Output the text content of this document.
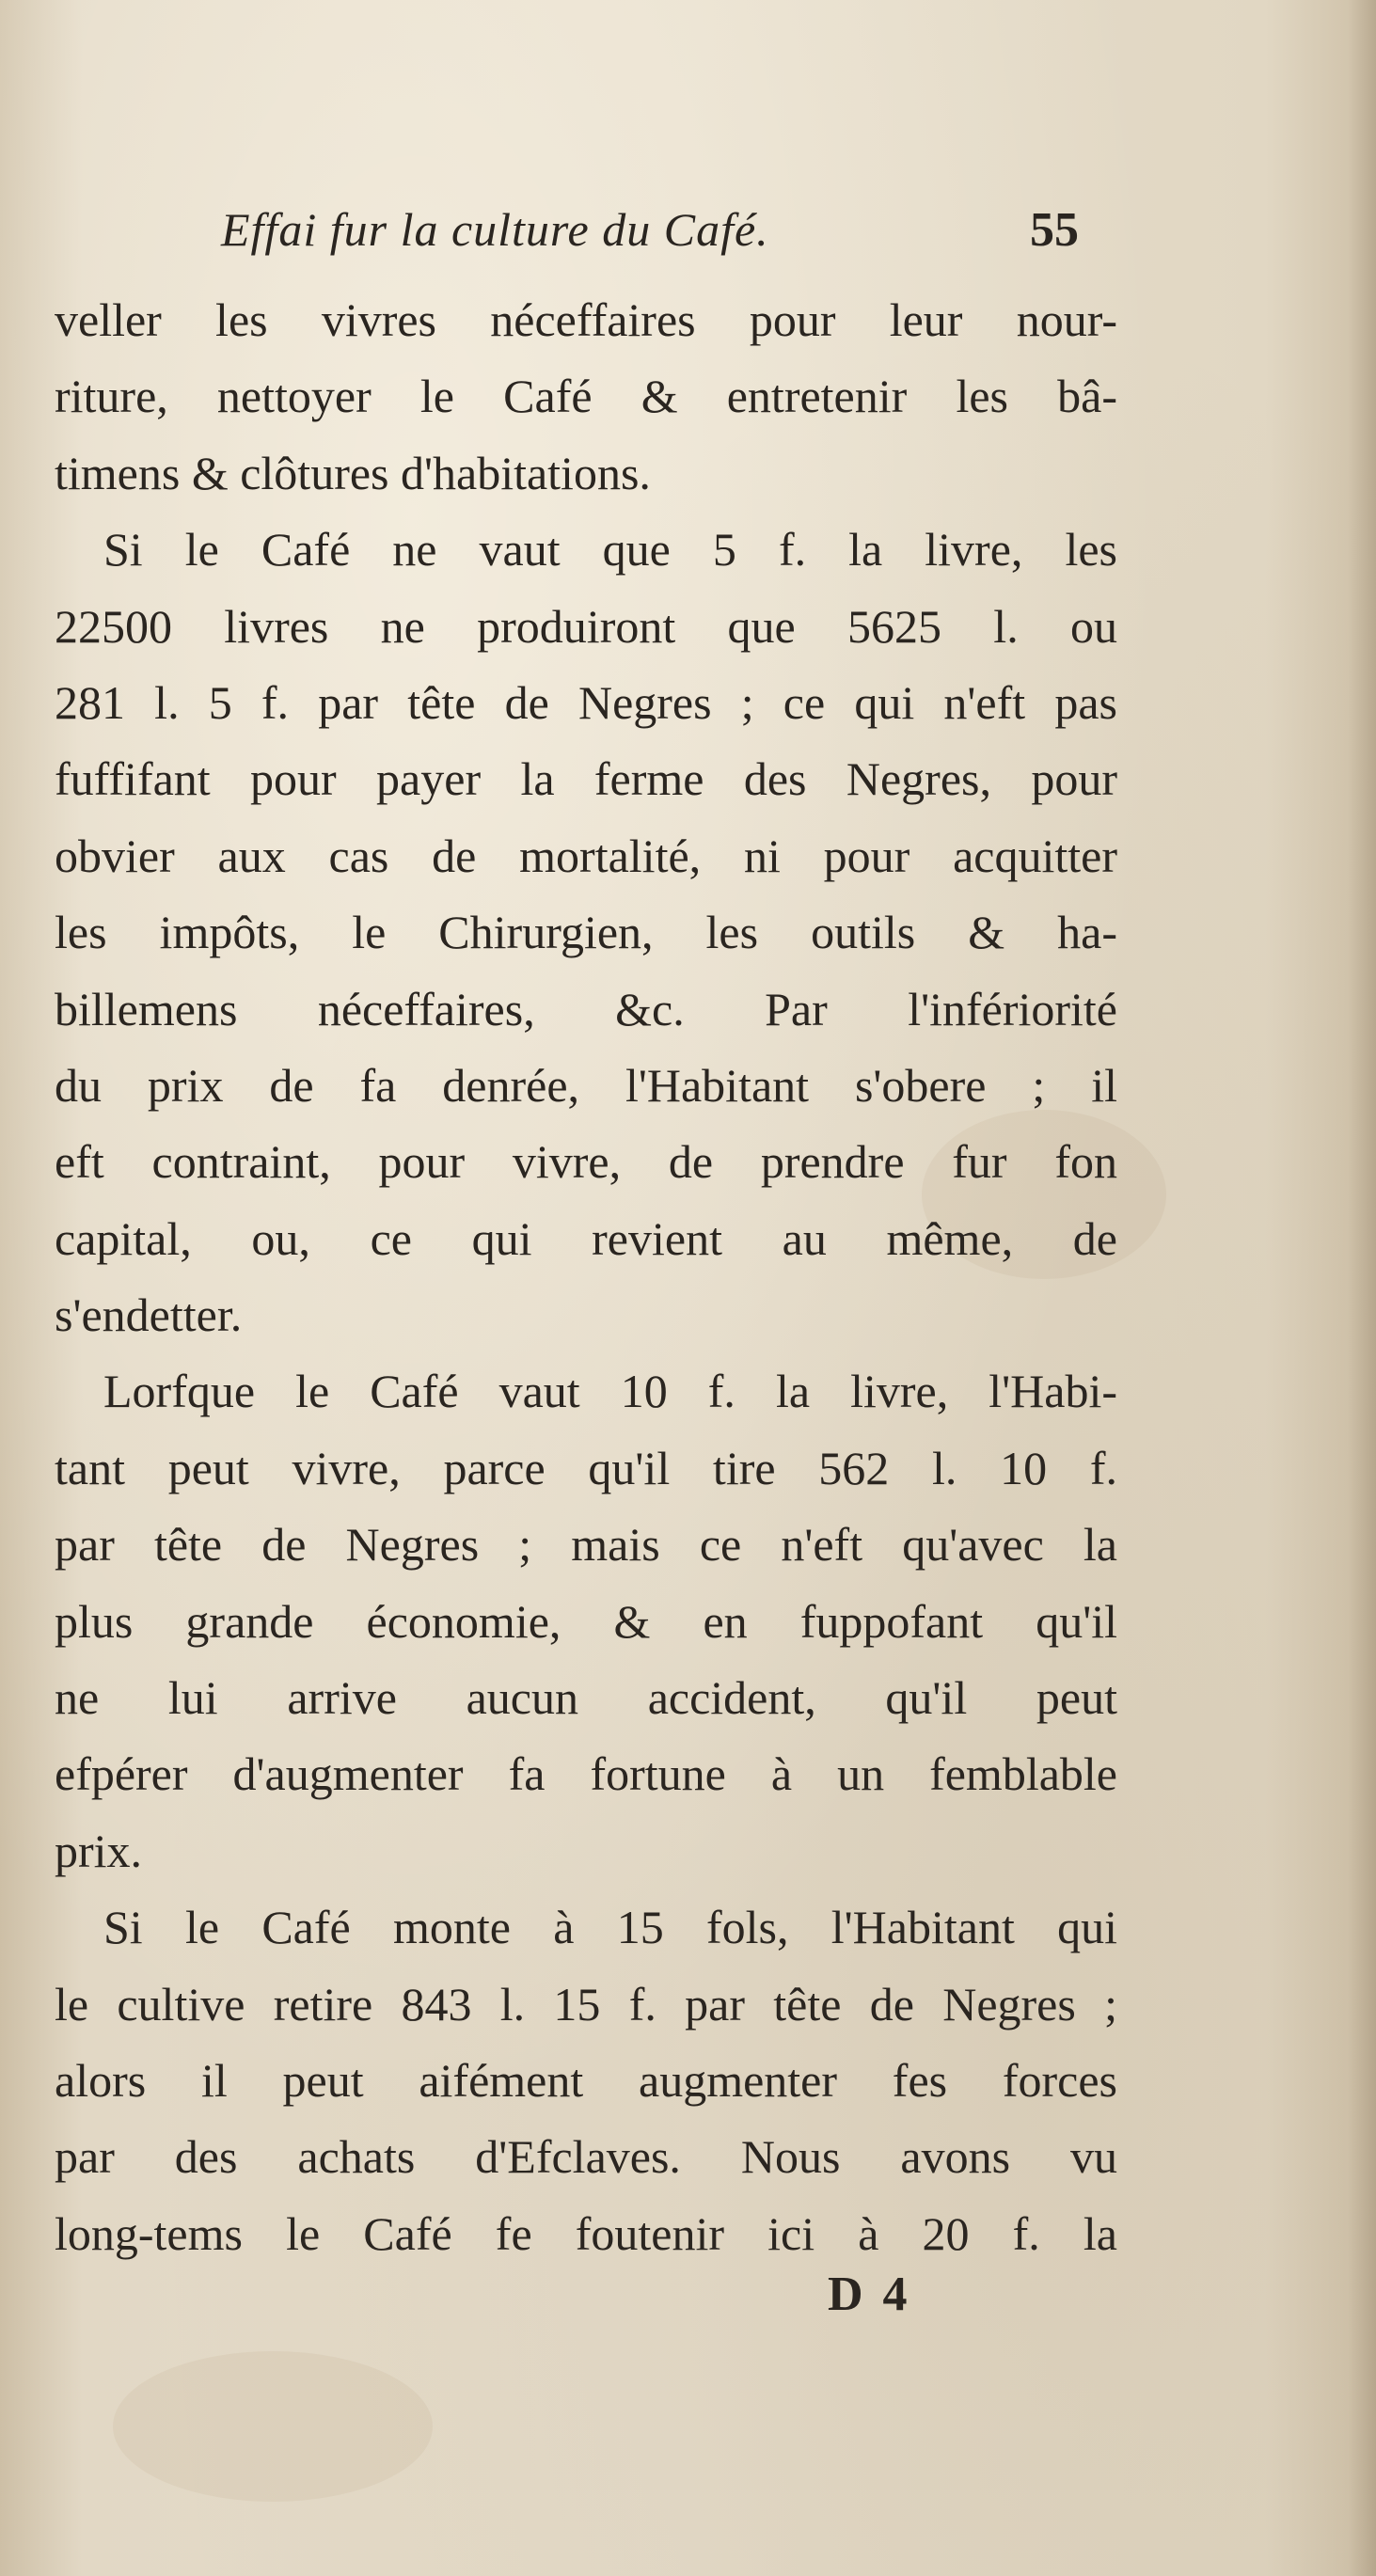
Effai fur la culture du Café.	55
veller les vivres néceffaires pour leur nour-
riture, nettoyer le Café & entretenir les bâ-
timens & clôtures d'habitations.
Si le Café ne vaut que 5 f. la livre, les
22500 livres ne produiront que 5625 l. ou
281 l. 5 f. par tête de Negres ; ce qui n'eft pas
fuffifant pour payer la ferme des Negres, pour
obvier aux cas de mortalité, ni pour acquitter
les impôts, le Chirurgien, les outils & ha-
billemens néceffaires, &c. Par l'infériorité
du prix de fa denrée, l'Habitant s'obere ; il
eft contraint, pour vivre, de prendre fur fon
capital, ou, ce qui revient au même, de
s'endetter.
Lorfque le Café vaut 10 f. la livre, l'Habi-
tant peut vivre, parce qu'il tire 562 l. 10 f.
par tête de Negres ; mais ce n'eft qu'avec la
plus grande économie, & en fuppofant qu'il
ne lui arrive aucun accident, qu'il peut
efpérer d'augmenter fa fortune à un femblable
prix.
Si le Café monte à 15 fols, l'Habitant qui
le cultive retire 843 l. 15 f. par tête de Negres ;
alors il peut aifément augmenter fes forces
par des achats d'Efclaves. Nous avons vu
long-tems le Café fe foutenir ici à 20 f. la
D 4
